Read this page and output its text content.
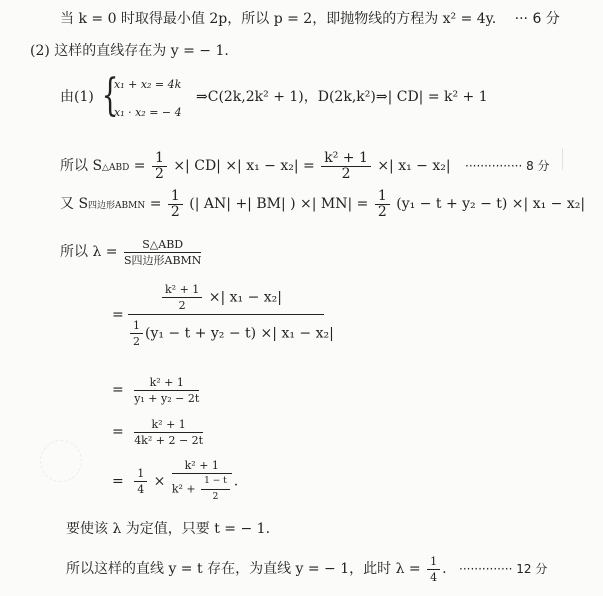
当 k = 0 时取得最小值 2p，所以 p = 2，即抛物线的方程为 x² = 4y. ··· 6 分
(2) 这样的直线存在为 y = − 1.
由(1) {
x₁ + x₂ = 4k
x₁ · x₂ = − 4
⇒C(2k,2k² + 1)，D(2k,k²)⇒| CD| = k² + 1
所以 S△ABD = $\frac{1}{2}$ ×| CD| ×| $x_1 - x_2| = \frac{\text{k² + 1}}{2}$ ×| x₁ − x₂| ··············· 8 分
又 S四边形ABMN = $\frac{1}{2}$ (| AN| +| BM| ) ×| $MN| = \frac{1}{2} (y_1 - t + y_2 - t)$ ×| x₁ − x₂|
所以 $\lambda = \frac{\text{S△ABD}}{\text{S四边形ABMN}}$
=
$\frac{\text{k² + 1}}{2}$ ×| x₁ − x₂|
$\frac{1}{2} (y_1 - t + y_2 - t)$ ×| x₁ − x₂|
= $\frac{\text{k² + 1}}{\text{y₁ + y₂ − 2t}}$
= $\frac{\text{k² + 1}}{\text{4k² + 2 − 2t}}$
= $\frac{1}{4} \times \frac{\text{k² + 1}}{k^2 + \frac{1 - t}{2}}$ .
要使该 λ 为定值，只要 t = − 1.
所以这样的直线 y = t 存在，为直线 y = − 1，此时 $\lambda = \frac{1}{4}$ . ·············· 12 分
